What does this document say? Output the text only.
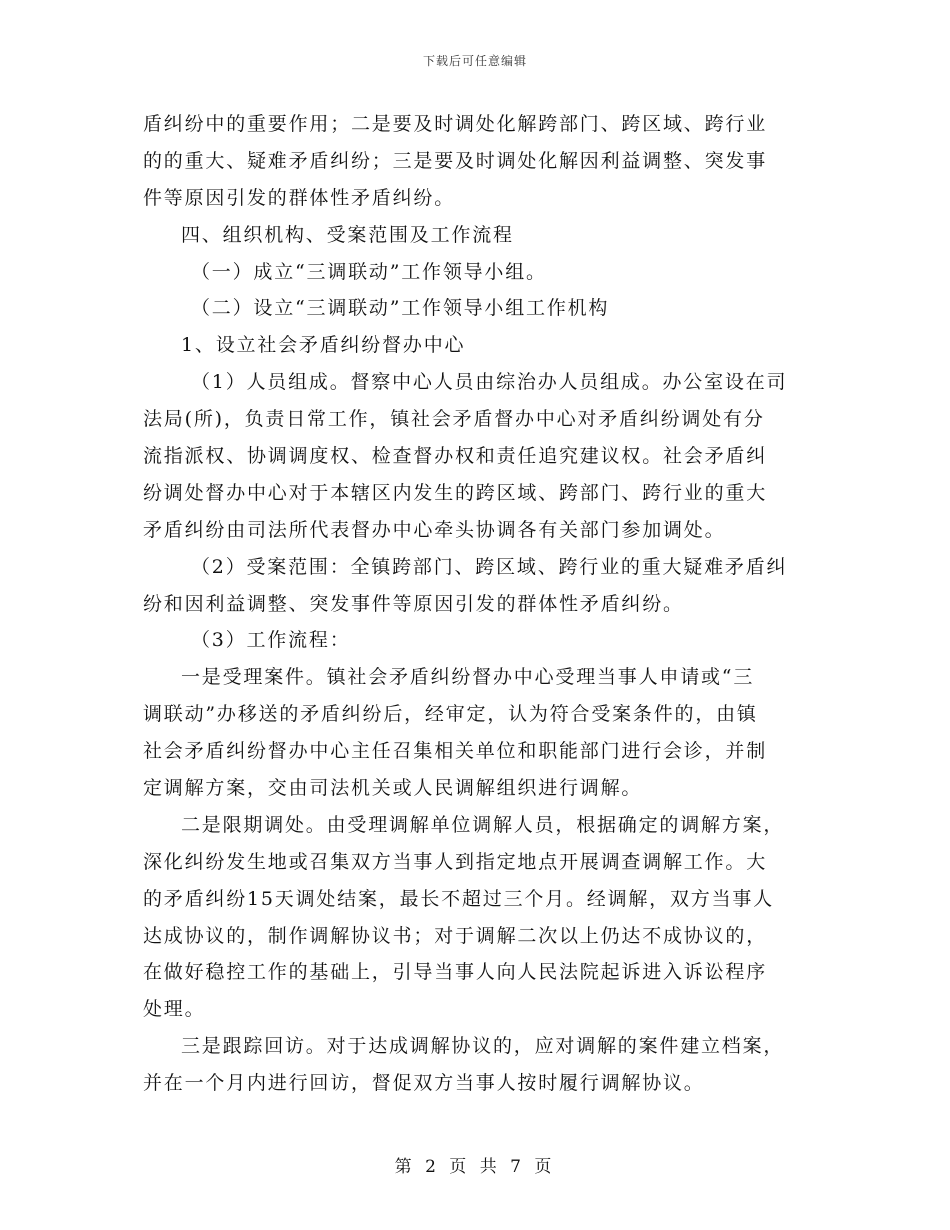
下载后可任意编辑
盾纠纷中的重要作用；二是要及时调处化解跨部门、跨区域、跨行业
的的重大、疑难矛盾纠纷；三是要及时调处化解因利益调整、突发事
件等原因引发的群体性矛盾纠纷。
四、组织机构、受案范围及工作流程
（一）成立“三调联动”工作领导小组。
（二）设立“三调联动”工作领导小组工作机构
1、设立社会矛盾纠纷督办中心
（1）人员组成。督察中心人员由综治办人员组成。办公室设在司
法局(所)，负责日常工作，镇社会矛盾督办中心对矛盾纠纷调处有分
流指派权、协调调度权、检查督办权和责任追究建议权。社会矛盾纠
纷调处督办中心对于本辖区内发生的跨区域、跨部门、跨行业的重大
矛盾纠纷由司法所代表督办中心牵头协调各有关部门参加调处。
（2）受案范围：全镇跨部门、跨区域、跨行业的重大疑难矛盾纠
纷和因利益调整、突发事件等原因引发的群体性矛盾纠纷。
（3）工作流程：
一是受理案件。镇社会矛盾纠纷督办中心受理当事人申请或“三
调联动”办移送的矛盾纠纷后，经审定，认为符合受案条件的，由镇
社会矛盾纠纷督办中心主任召集相关单位和职能部门进行会诊，并制
定调解方案，交由司法机关或人民调解组织进行调解。
二是限期调处。由受理调解单位调解人员，根据确定的调解方案，
深化纠纷发生地或召集双方当事人到指定地点开展调查调解工作。大
的矛盾纠纷15天调处结案，最长不超过三个月。经调解，双方当事人
达成协议的，制作调解协议书；对于调解二次以上仍达不成协议的，
在做好稳控工作的基础上，引导当事人向人民法院起诉进入诉讼程序
处理。
三是跟踪回访。对于达成调解协议的，应对调解的案件建立档案，
并在一个月内进行回访，督促双方当事人按时履行调解协议。
第 2 页 共 7 页
